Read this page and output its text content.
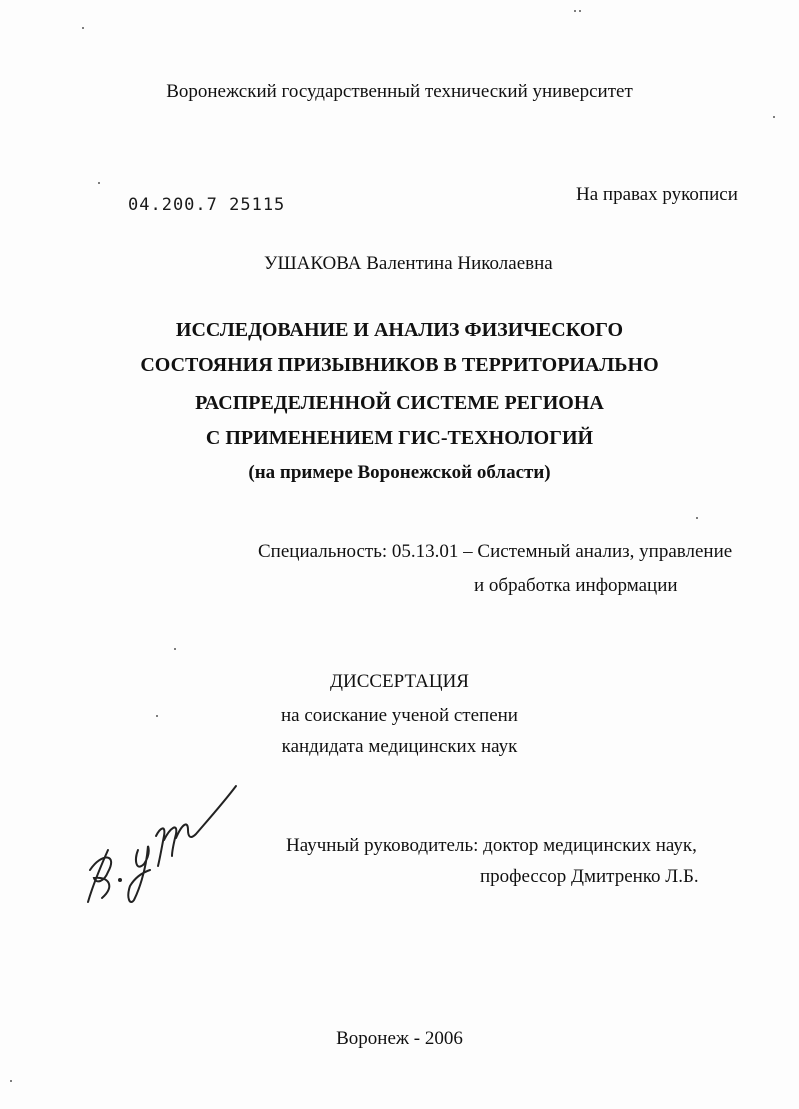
Воронежский государственный технический университет
04.200.7 25115	На правах рукописи
УШАКОВА Валентина Николаевна
ИССЛЕДОВАНИЕ И АНАЛИЗ ФИЗИЧЕСКОГО
СОСТОЯНИЯ ПРИЗЫВНИКОВ В ТЕРРИТОРИАЛЬНО
РАСПРЕДЕЛЕННОЙ СИСТЕМЕ РЕГИОНА
С ПРИМЕНЕНИЕМ ГИС-ТЕХНОЛОГИЙ
(на примере Воронежской области)
Специальность: 05.13.01 – Системный анализ, управление
и обработка информации
ДИССЕРТАЦИЯ
на соискание ученой степени
кандидата медицинских наук
Научный руководитель: доктор медицинских наук,
профессор Дмитренко Л.Б.
Воронеж - 2006
